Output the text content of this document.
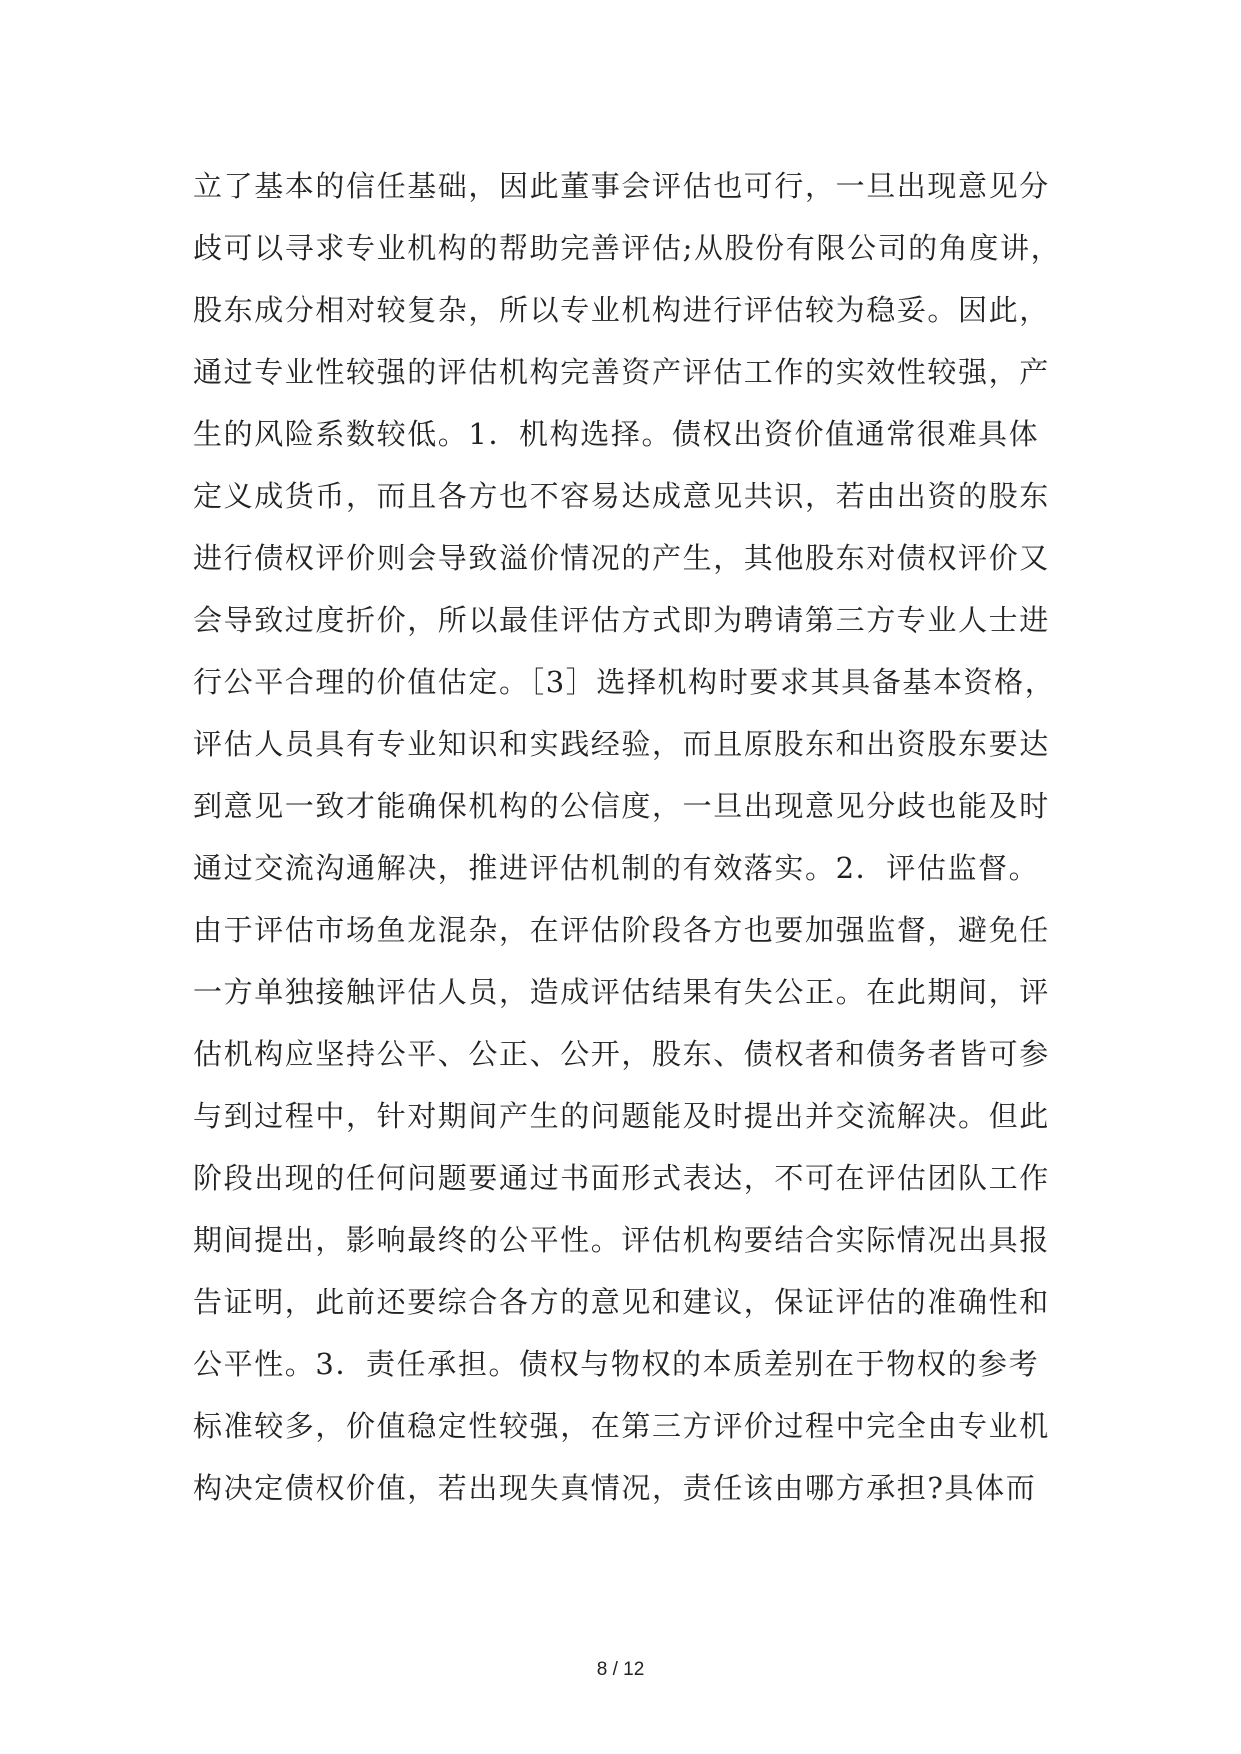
立了基本的信任基础，因此董事会评估也可行，一旦出现意见分
歧可以寻求专业机构的帮助完善评估;从股份有限公司的角度讲，
股东成分相对较复杂，所以专业机构进行评估较为稳妥。因此，
通过专业性较强的评估机构完善资产评估工作的实效性较强，产
生的风险系数较低。1．机构选择。债权出资价值通常很难具体
定义成货币，而且各方也不容易达成意见共识，若由出资的股东
进行债权评价则会导致溢价情况的产生，其他股东对债权评价又
会导致过度折价，所以最佳评估方式即为聘请第三方专业人士进
行公平合理的价值估定。［3］选择机构时要求其具备基本资格，
评估人员具有专业知识和实践经验，而且原股东和出资股东要达
到意见一致才能确保机构的公信度，一旦出现意见分歧也能及时
通过交流沟通解决，推进评估机制的有效落实。2．评估监督。
由于评估市场鱼龙混杂，在评估阶段各方也要加强监督，避免任
一方单独接触评估人员，造成评估结果有失公正。在此期间，评
估机构应坚持公平、公正、公开，股东、债权者和债务者皆可参
与到过程中，针对期间产生的问题能及时提出并交流解决。但此
阶段出现的任何问题要通过书面形式表达，不可在评估团队工作
期间提出，影响最终的公平性。评估机构要结合实际情况出具报
告证明，此前还要综合各方的意见和建议，保证评估的准确性和
公平性。3．责任承担。债权与物权的本质差别在于物权的参考
标准较多，价值稳定性较强，在第三方评价过程中完全由专业机
构决定债权价值，若出现失真情况，责任该由哪方承担?具体而
8 / 12
